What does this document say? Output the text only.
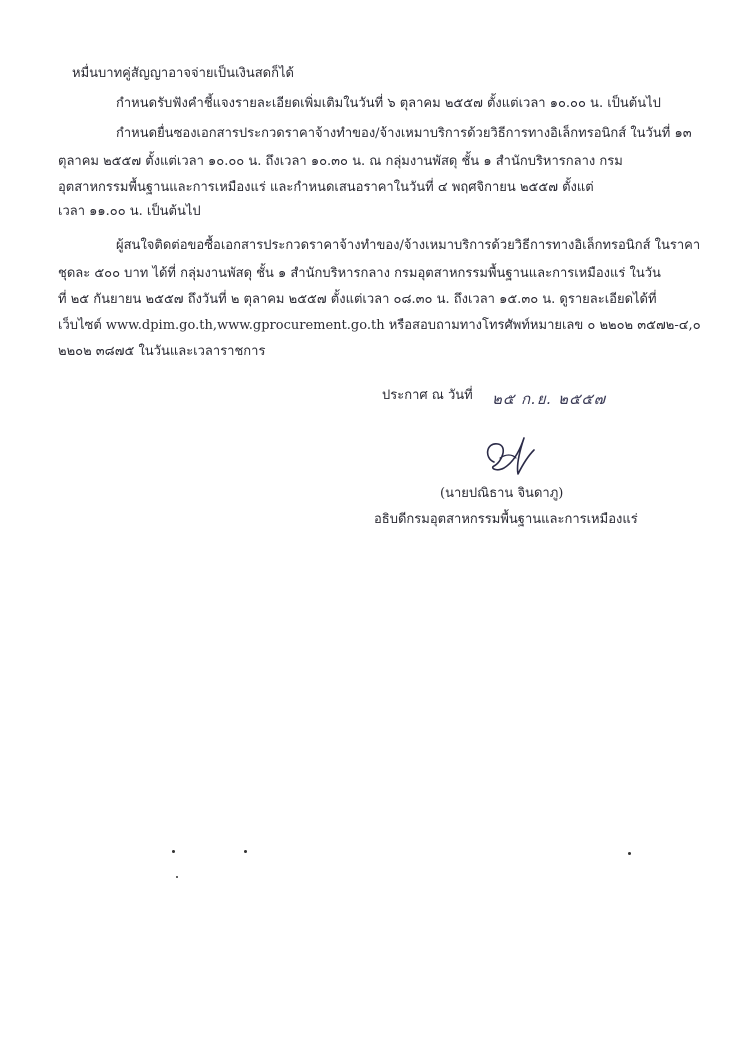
หมื่นบาทคู่สัญญาอาจจ่ายเป็นเงินสดก็ได้
กำหนดรับฟังคำชี้แจงรายละเอียดเพิ่มเติมในวันที่ ๖ ตุลาคม ๒๕๕๗ ตั้งแต่เวลา ๑๐.๐๐ น. เป็นต้นไป
กำหนดยื่นซองเอกสารประกวดราคาจ้างทำของ/จ้างเหมาบริการด้วยวิธีการทางอิเล็กทรอนิกส์ ในวันที่ ๑๓
ตุลาคม ๒๕๕๗ ตั้งแต่เวลา ๑๐.๐๐ น. ถึงเวลา ๑๐.๓๐ น. ณ กลุ่มงานพัสดุ ชั้น ๑ สำนักบริหารกลาง กรม
อุตสาหกรรมพื้นฐานและการเหมืองแร่ และกำหนดเสนอราคาในวันที่ ๔ พฤศจิกายน ๒๕๕๗ ตั้งแต่
เวลา ๑๑.๐๐ น. เป็นต้นไป
ผู้สนใจติดต่อขอซื้อเอกสารประกวดราคาจ้างทำของ/จ้างเหมาบริการด้วยวิธีการทางอิเล็กทรอนิกส์ ในราคา
ชุดละ ๕๐๐ บาท ได้ที่ กลุ่มงานพัสดุ ชั้น ๑ สำนักบริหารกลาง กรมอุตสาหกรรมพื้นฐานและการเหมืองแร่ ในวัน
ที่ ๒๕ กันยายน ๒๕๕๗ ถึงวันที่ ๒ ตุลาคม ๒๕๕๗ ตั้งแต่เวลา ๐๘.๓๐ น. ถึงเวลา ๑๕.๓๐ น. ดูรายละเอียดได้ที่
เว็บไซต์ www.dpim.go.th,www.gprocurement.go.th หรือสอบถามทางโทรศัพท์หมายเลข ๐ ๒๒๐๒ ๓๕๗๒-๔,๐
๒๒๐๒ ๓๘๗๕ ในวันและเวลาราชการ
ประกาศ ณ วันที่ ๒๕ ก.ย. ๒๕๕๗
(นายปณิธาน จินดาภู)
อธิบดีกรมอุตสาหกรรมพื้นฐานและการเหมืองแร่
